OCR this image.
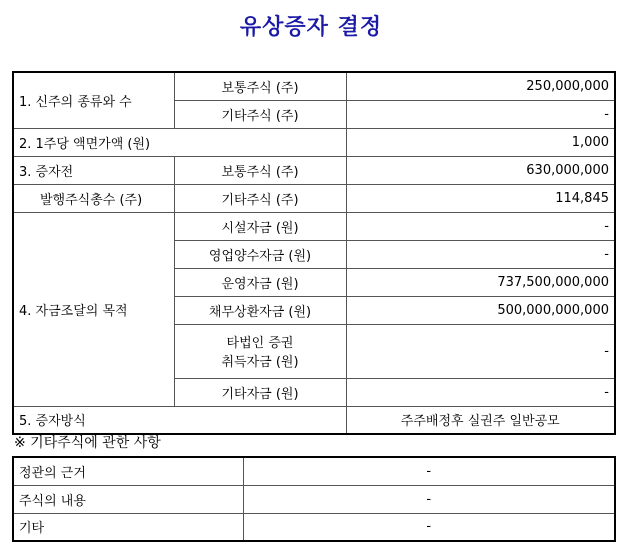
유상증자 결정
1. 신주의 종류와 수	보통주식 (주)	250,000,000
	기타주식 (주)	-
2. 1주당 액면가액 (원)		1,000
3. 증자전	보통주식 (주)	630,000,000
발행주식총수 (주)	기타주식 (주)	114,845
4. 자금조달의 목적	시설자금 (원)	-
	영업양수자금 (원)	-
	운영자금 (원)	737,500,000,000
	채무상환자금 (원)	500,000,000,000

	타법인 증권
취득자금 (원)	-
	기타자금 (원)	-
5. 증자방식		주주배정후 실권주 일반공모
※ 기타주식에 관한 사항
정관의 근거	-
주식의 내용	-
기타	-
